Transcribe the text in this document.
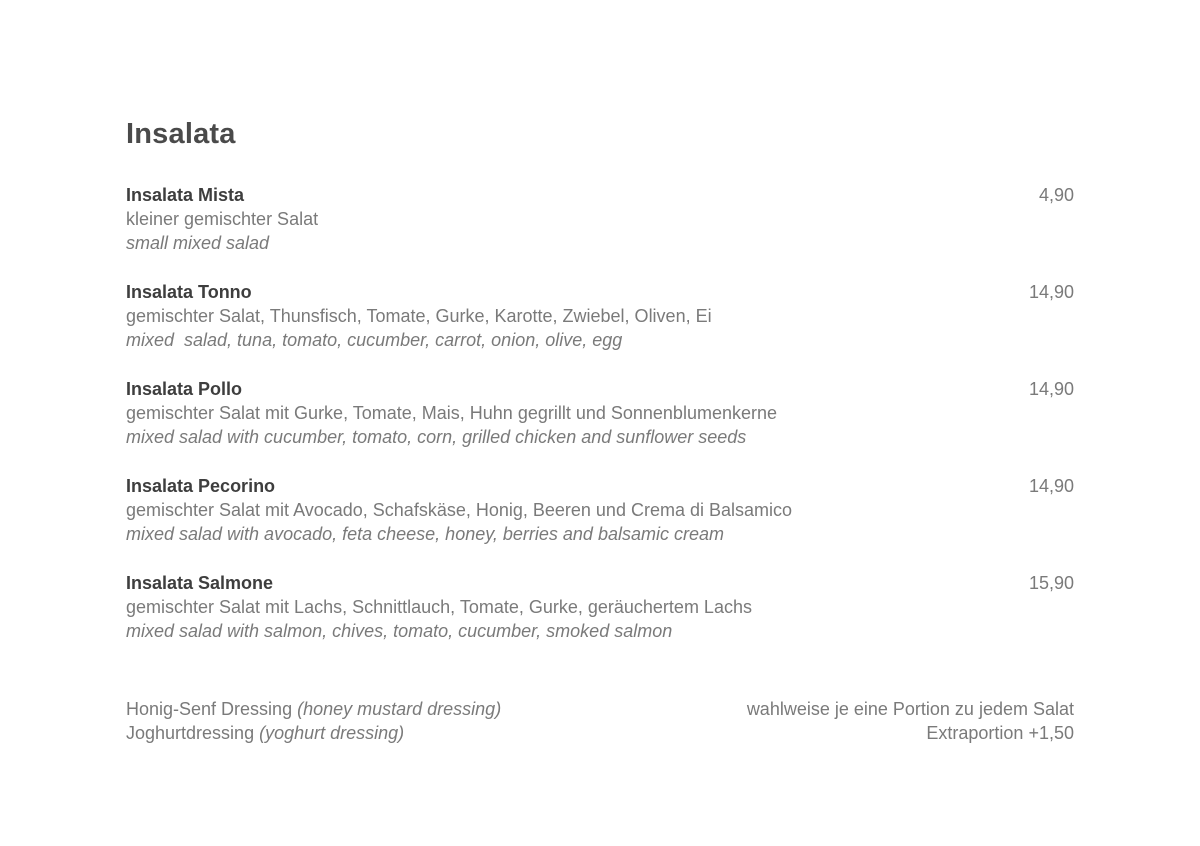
Insalata
Insalata Mista
kleiner gemischter Salat
small mixed salad
4,90
Insalata Tonno
gemischter Salat, Thunsfisch, Tomate, Gurke, Karotte, Zwiebel, Oliven, Ei
mixed  salad, tuna, tomato, cucumber, carrot, onion, olive, egg
14,90
Insalata Pollo
gemischter Salat mit Gurke, Tomate, Mais, Huhn gegrillt und Sonnenblumenkerne
mixed salad with cucumber, tomato, corn, grilled chicken and sunflower seeds
14,90
Insalata Pecorino
gemischter Salat mit Avocado, Schafskäse, Honig, Beeren und Crema di Balsamico
mixed salad with avocado, feta cheese, honey, berries and balsamic cream
14,90
Insalata Salmone
gemischter Salat mit Lachs, Schnittlauch, Tomate, Gurke, geräuchertem Lachs
mixed salad with salmon, chives, tomato, cucumber, smoked salmon
15,90
Honig-Senf Dressing (honey mustard dressing)
Joghurtdressing (yoghurt dressing)
wahlweise je eine Portion zu jedem Salat
Extraportion +1,50
